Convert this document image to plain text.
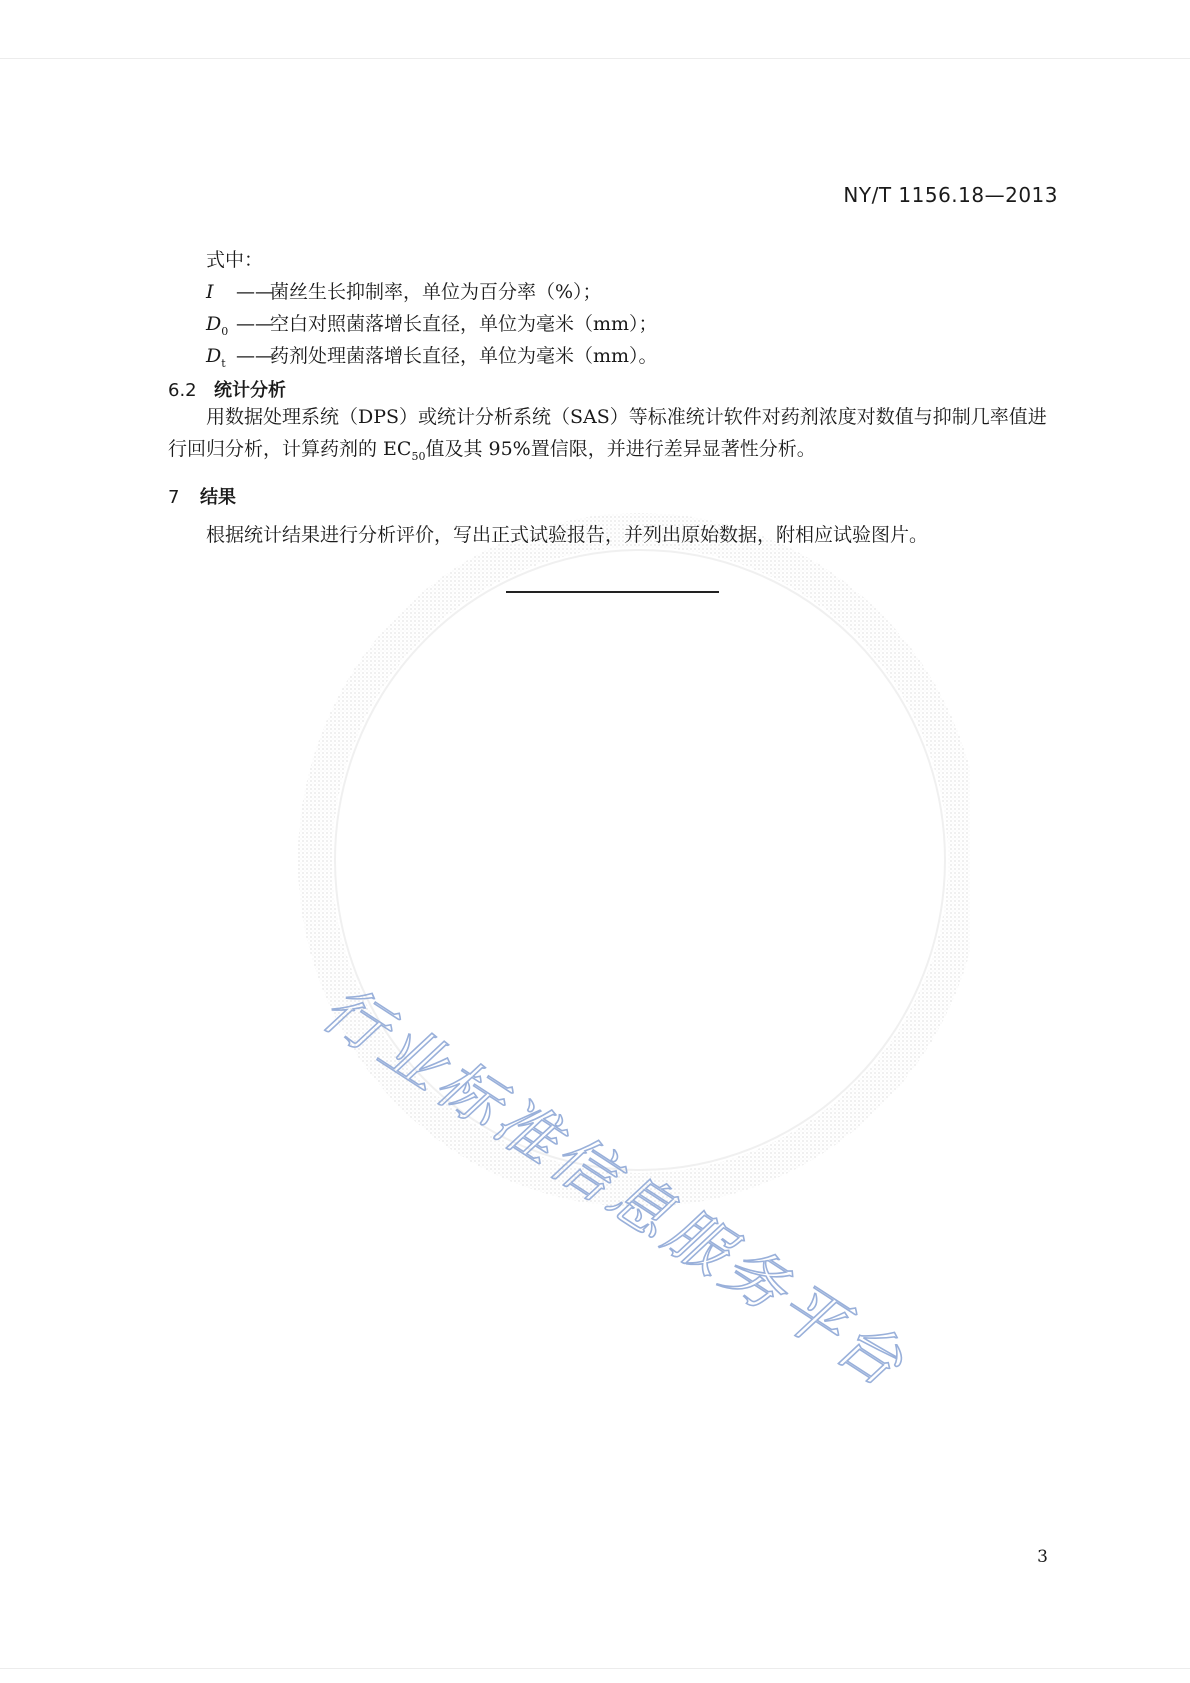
行业标准信息服务平台
NY/T 1156.18—2013
式中：
I ——菌丝生长抑制率，单位为百分率（%）；
$D_0$ ——空白对照菌落增长直径，单位为毫米（mm）；
$D_t$ ——药剂处理菌落增长直径，单位为毫米（mm）。
6.2 统计分析
用数据处理系统（DPS）或统计分析系统（SAS）等标准统计软件对药剂浓度对数值与抑制几率值进
行回归分析，计算药剂的 $EC_{50}$值及其 95%置信限，并进行差异显著性分析。
7 结果
根据统计结果进行分析评价，写出正式试验报告，并列出原始数据，附相应试验图片。
3
